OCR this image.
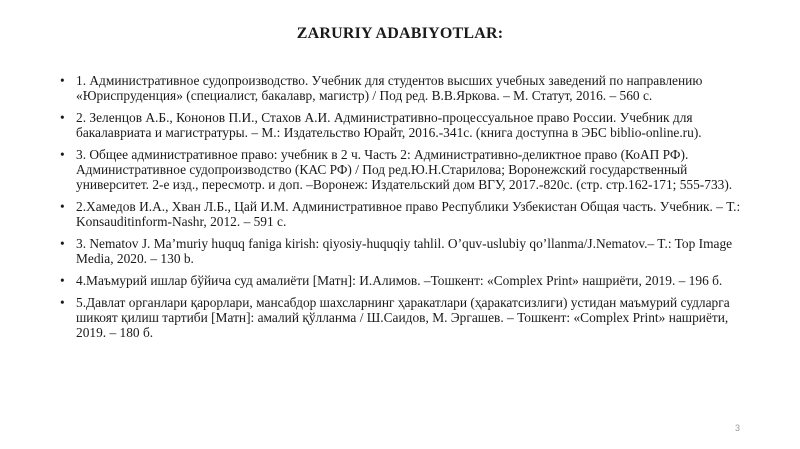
ZARURIY ADABIYOTLAR:
• 1. Административное судопроизводство. Учебник для студентов высших учебных заведений по направлению «Юриспруденция» (специалист, бакалавр, магистр) / Под ред. В.В.Яркова. – М. Статут, 2016. – 560 с.
• 2. Зеленцов А.Б., Кононов П.И., Стахов А.И. Административно-процессуальное право России. Учебник для бакалавриата и магистратуры. – М.: Издательство Юрайт, 2016.-341с. (книга доступна в ЭБС biblio-online.ru).
• 3. Общее административное право: учебник в 2 ч. Часть 2: Административно-деликтное право (КоАП РФ). Административное судопроизводство (КАС РФ) / Под ред.Ю.Н.Старилова; Воронежский государственный университет. 2-е изд., пересмотр. и доп. –Воронеж: Издательский дом ВГУ, 2017.-820с. (стр. стр.162-171; 555-733).
• 2.Хамедов И.А., Хван Л.Б., Цай И.М. Административное право Республики Узбекистан Общая часть. Учебник. – Т.: Konsauditinform-Nashr, 2012. – 591 с.
• 3. Nematov J. Ma’muriy huquq faniga kirish: qiyosiy-huquqiy tahlil. O’quv-uslubiy qo’llanma/J.Nematov.– T.: Top Image Media, 2020. – 130 b.
• 4.Маъмурий ишлар бўйича суд амалиёти [Матн]: И.Алимов. –Тошкент: «Complex Print» нашриёти, 2019. – 196 б.
• 5.Давлат органлари қарорлари, мансабдор шахсларнинг ҳаракатлари (ҳаракатсизлиги) устидан маъмурий судларга шикоят қилиш тартиби [Матн]: амалий қўлланма / Ш.Саидов, М. Эргашев. – Тошкент: «Complex Print» нашриёти, 2019. – 180 б.
3
